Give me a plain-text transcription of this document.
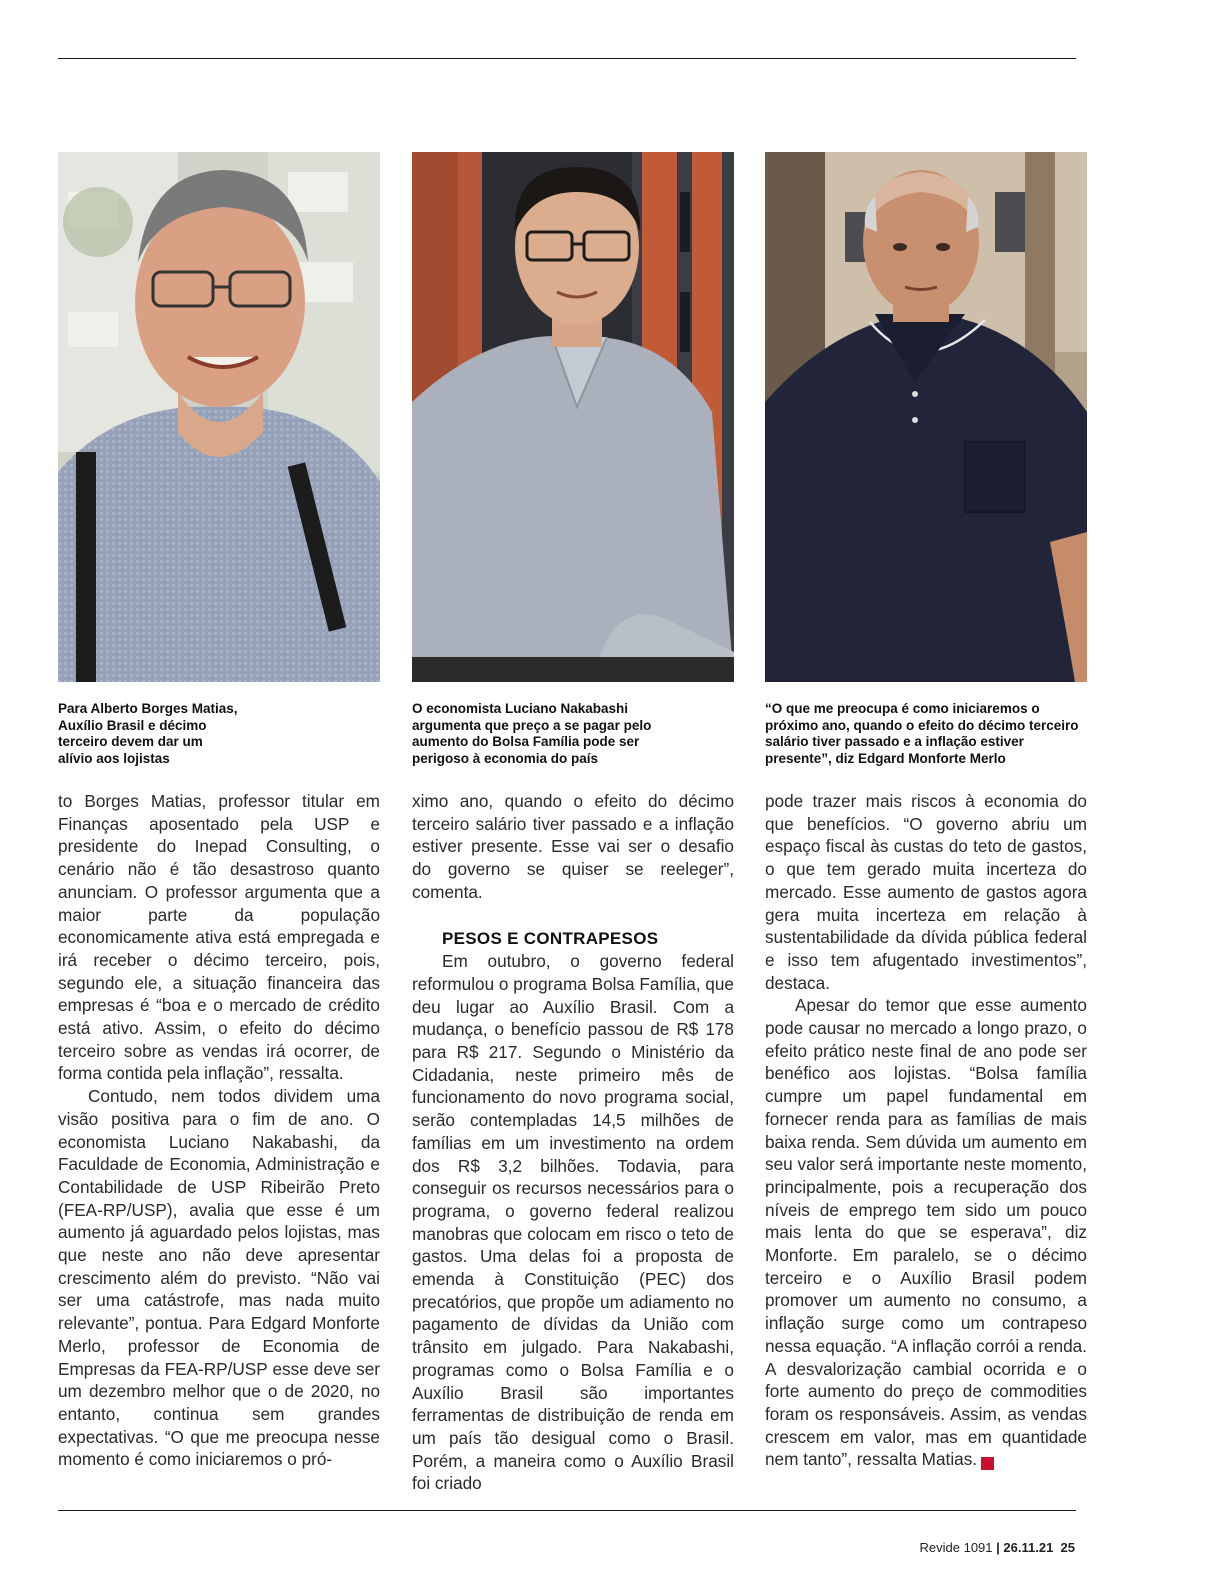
Para Alberto Borges Matias, Auxílio Brasil e décimo terceiro devem dar um alívio aos lojistas
O economista Luciano Nakabashi argumenta que preço a se pagar pelo aumento do Bolsa Família pode ser perigoso à economia do país
“O que me preocupa é como iniciaremos o próximo ano, quando o efeito do décimo terceiro salário tiver passado e a inflação estiver presente”, diz Edgard Monforte Merlo

to Borges Matias, professor titular em Finanças aposentado pela USP e presidente do Inepad Consulting, o cenário não é tão desastroso quanto anunciam. O professor argumenta que a maior parte da população economicamente ativa está empregada e irá receber o décimo terceiro, pois, segundo ele, a situação financeira das empresas é “boa e o mercado de crédito está ativo. Assim, o efeito do décimo terceiro sobre as vendas irá ocorrer, de forma contida pela inflação”, ressalta.

Contudo, nem todos dividem uma visão positiva para o fim de ano. O economista Luciano Nakabashi, da Faculdade de Economia, Administração e Contabilidade de USP Ribeirão Preto (FEA-RP/USP), avalia que esse é um aumento já aguardado pelos lojistas, mas que neste ano não deve apresentar crescimento além do previsto. “Não vai ser uma catástrofe, mas nada muito relevante”, pontua. Para Edgard Monforte Merlo, professor de Economia de Empresas da FEA-RP/USP esse deve ser um dezembro melhor que o de 2020, no entanto, continua sem grandes expectativas. “O que me preocupa nesse momento é como iniciaremos o pró-

ximo ano, quando o efeito do décimo terceiro salário tiver passado e a inflação estiver presente. Esse vai ser o desafio do governo se quiser se reeleger”, comenta.

PESOS E CONTRAPESOS

Em outubro, o governo federal reformulou o programa Bolsa Família, que deu lugar ao Auxílio Brasil. Com a mudança, o benefício passou de R$ 178 para R$ 217. Segundo o Ministério da Cidadania, neste primeiro mês de funcionamento do novo programa social, serão contempladas 14,5 milhões de famílias em um investimento na ordem dos R$ 3,2 bilhões. Todavia, para conseguir os recursos necessários para o programa, o governo federal realizou manobras que colocam em risco o teto de gastos. Uma delas foi a proposta de emenda à Constituição (PEC) dos precatórios, que propõe um adiamento no pagamento de dívidas da União com trânsito em julgado. Para Nakabashi, programas como o Bolsa Família e o Auxílio Brasil são importantes ferramentas de distribuição de renda em um país tão desigual como o Brasil. Porém, a maneira como o Auxílio Brasil foi criado

pode trazer mais riscos à economia do que benefícios. “O governo abriu um espaço fiscal às custas do teto de gastos, o que tem gerado muita incerteza do mercado. Esse aumento de gastos agora gera muita incerteza em relação à sustentabilidade da dívida pública federal e isso tem afugentado investimentos”, destaca.

Apesar do temor que esse aumento pode causar no mercado a longo prazo, o efeito prático neste final de ano pode ser benéfico aos lojistas. “Bolsa família cumpre um papel fundamental em fornecer renda para as famílias de mais baixa renda. Sem dúvida um aumento em seu valor será importante neste momento, principalmente, pois a recuperação dos níveis de emprego tem sido um pouco mais lenta do que se esperava”, diz Monforte. Em paralelo, se o décimo terceiro e o Auxílio Brasil podem promover um aumento no consumo, a inflação surge como um contrapeso nessa equação. “A inflação corrói a renda. A desvalorização cambial ocorrida e o forte aumento do preço de commodities foram os responsáveis. Assim, as vendas crescem em valor, mas em quantidade nem tanto”, ressalta Matias.	R

Revide 1091 | 26.11.21 25
